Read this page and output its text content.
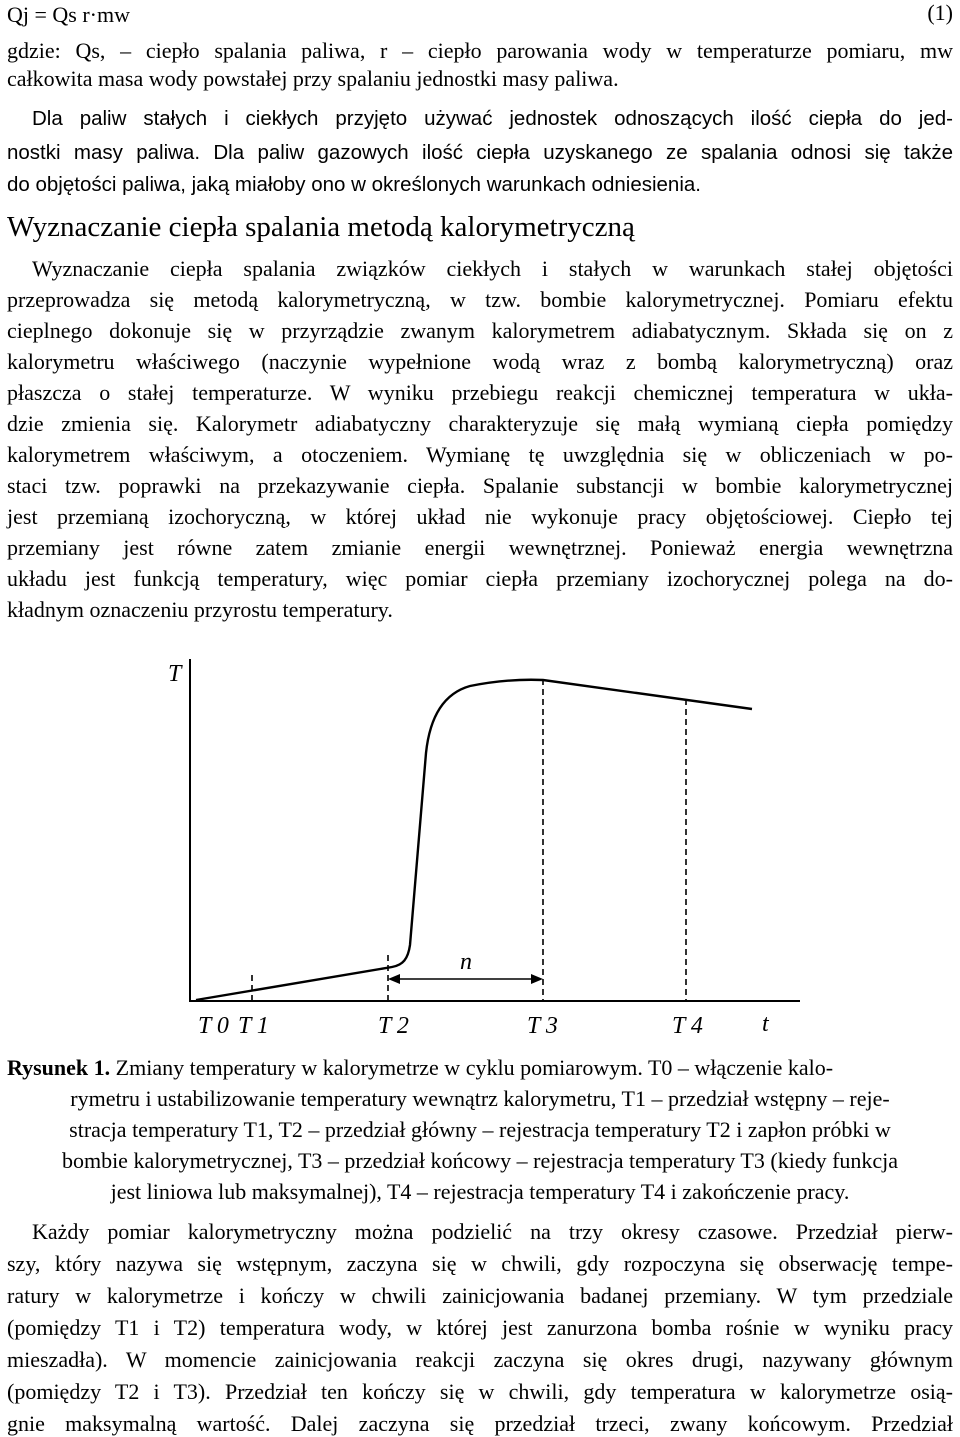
Qj = Qs r·mw	(1)
gdzie: Qs, – ciepło spalania paliwa, r – ciepło parowania wody w temperaturze pomiaru, mw
całkowita masa wody powstałej przy spalaniu jednostki masy paliwa.
Dla paliw stałych i ciekłych przyjęto używać jednostek odnoszących ilość ciepła do jed-
nostki masy paliwa. Dla paliw gazowych ilość ciepła uzyskanego ze spalania odnosi się także
do objętości paliwa, jaką miałoby ono w określonych warunkach odniesienia.
Wyznaczanie ciepła spalania metodą kalorymetryczną
Wyznaczanie ciepła spalania związków ciekłych i stałych w warunkach stałej objętości
przeprowadza się metodą kalorymetryczną, w tzw. bombie kalorymetrycznej. Pomiaru efektu
cieplnego dokonuje się w przyrządzie zwanym kalorymetrem adiabatycznym. Składa się on z
kalorymetru właściwego (naczynie wypełnione wodą wraz z bombą kalorymetryczną) oraz
płaszcza o stałej temperaturze. W wyniku przebiegu reakcji chemicznej temperatura w ukła-
dzie zmienia się. Kalorymetr adiabatyczny charakteryzuje się małą wymianą ciepła pomiędzy
kalorymetrem właściwym, a otoczeniem. Wymianę tę uwzględnia się w obliczeniach w po-
staci tzw. poprawki na przekazywanie ciepła. Spalanie substancji w bombie kalorymetrycznej
jest przemianą izochoryczną, w której układ nie wykonuje pracy objętościowej. Ciepło tej
przemiany jest równe zatem zmianie energii wewnętrznej. Ponieważ energia wewnętrzna
układu jest funkcją temperatury, więc pomiar ciepła przemiany izochorycznej polega na do-
kładnym oznaczeniu przyrostu temperatury.
n
T
t
T 0 T 1	T 2	T 3	T 4
Rysunek 1. Zmiany temperatury w kalorymetrze w cyklu pomiarowym. T0 – włączenie kalo-
rymetru i ustabilizowanie temperatury wewnątrz kalorymetru, T1 – przedział wstępny – reje-
stracja temperatury T1, T2 – przedział główny – rejestracja temperatury T2 i zapłon próbki w
bombie kalorymetrycznej, T3 – przedział końcowy – rejestracja temperatury T3 (kiedy funkcja
jest liniowa lub maksymalnej), T4 – rejestracja temperatury T4 i zakończenie pracy.
Każdy pomiar kalorymetryczny można podzielić na trzy okresy czasowe. Przedział pierw-
szy, który nazywa się wstępnym, zaczyna się w chwili, gdy rozpoczyna się obserwację tempe-
ratury w kalorymetrze i kończy w chwili zainicjowania badanej przemiany. W tym przedziale
(pomiędzy T1 i T2) temperatura wody, w której jest zanurzona bomba rośnie w wyniku pracy
mieszadła). W momencie zainicjowania reakcji zaczyna się okres drugi, nazywany głównym
(pomiędzy T2 i T3). Przedział ten kończy się w chwili, gdy temperatura w kalorymetrze osią-
gnie maksymalną wartość. Dalej zaczyna się przedział trzeci, zwany końcowym. Przedział
